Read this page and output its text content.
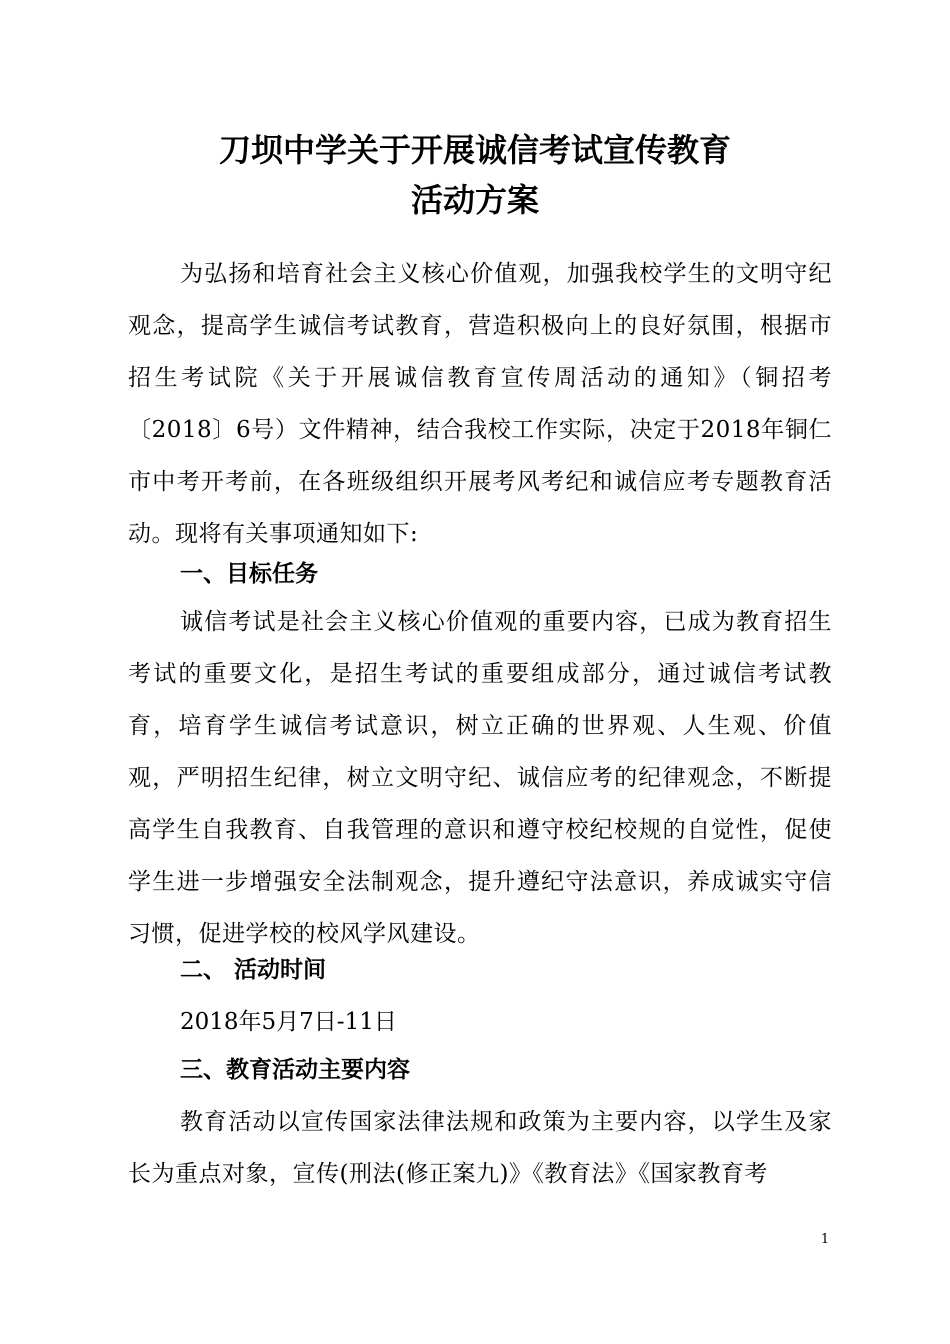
刀坝中学关于开展诚信考试宣传教育
活动方案
为弘扬和培育社会主义核心价值观，加强我校学生的文明守纪观念，提高学生诚信考试教育，营造积极向上的良好氛围，根据市招生考试院《关于开展诚信教育宣传周活动的通知》（铜招考〔2018〕6号）文件精神，结合我校工作实际，决定于2018年铜仁市中考开考前，在各班级组织开展考风考纪和诚信应考专题教育活动。现将有关事项通知如下:
一、目标任务
诚信考试是社会主义核心价值观的重要内容，已成为教育招生考试的重要文化，是招生考试的重要组成部分，通过诚信考试教育，培育学生诚信考试意识，树立正确的世界观、人生观、价值观，严明招生纪律，树立文明守纪、诚信应考的纪律观念，不断提高学生自我教育、自我管理的意识和遵守校纪校规的自觉性，促使学生进一步增强安全法制观念，提升遵纪守法意识，养成诚实守信习惯，促进学校的校风学风建设。
二、 活动时间
2018年5月7日-11日
三、教育活动主要内容
教育活动以宣传国家法律法规和政策为主要内容，以学生及家长为重点对象，宣传(刑法(修正案九)》《教育法》《国家教育考
1
